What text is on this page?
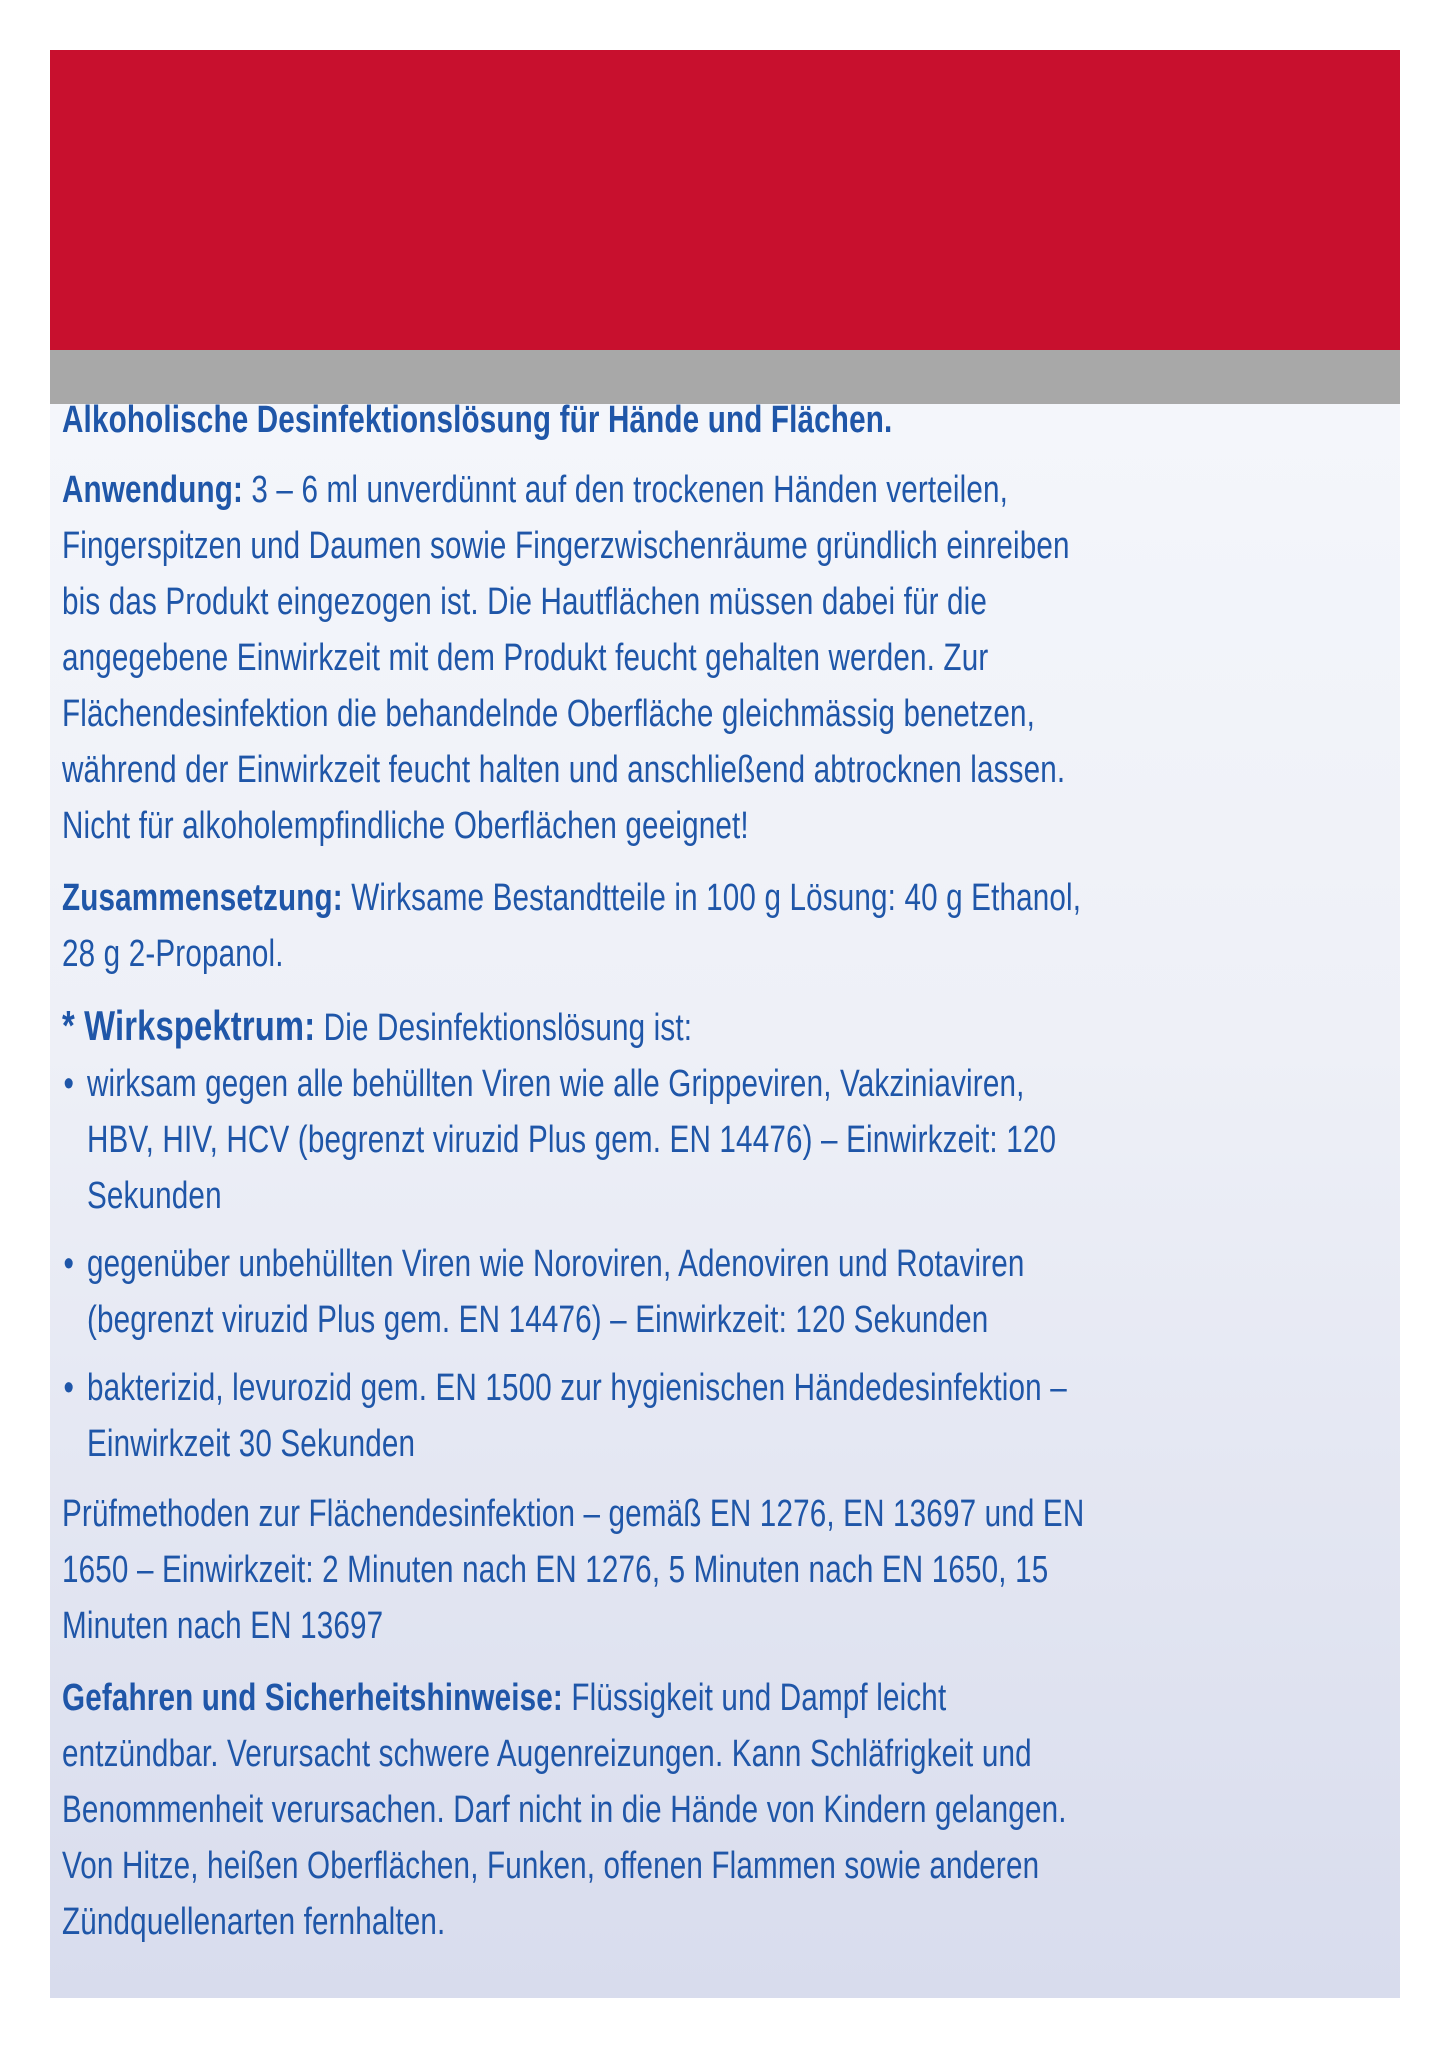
Alkoholische Desinfektionslösung für Hände und Flächen.

Anwendung: 3 – 6 ml unverdünnt auf den trockenen Händen verteilen, Fingerspitzen und Daumen sowie Fingerzwischenräume gründlich einreiben bis das Produkt eingezogen ist. Die Hautflächen müssen dabei für die angegebene Einwirkzeit mit dem Produkt feucht gehalten werden. Zur Flächendesinfektion die behandelnde Oberfläche gleichmässig benetzen, während der Einwirkzeit feucht halten und anschließend abtrocknen lassen. Nicht für alkoholempfindliche Oberflächen geeignet!

Zusammensetzung: Wirksame Bestandtteile in 100 g Lösung: 40 g Ethanol, 28 g 2-Propanol.

* Wirkspektrum: Die Desinfektionslösung ist:

• wirksam gegen alle behüllten Viren wie alle Grippeviren, Vakziniaviren, HBV, HIV, HCV (begrenzt viruzid Plus gem. EN 14476) – Einwirkzeit: 120 Sekunden
• gegenüber unbehüllten Viren wie Noroviren, Adenoviren und Rotaviren (begrenzt viruzid Plus gem. EN 14476) – Einwirkzeit: 120 Sekunden
• bakterizid, levurozid gem. EN 1500 zur hygienischen Händedesinfektion – Einwirkzeit 30 Sekunden

Prüfmethoden zur Flächendesinfektion – gemäß EN 1276, EN 13697 und EN 1650 – Einwirkzeit: 2 Minuten nach EN 1276, 5 Minuten nach EN 1650, 15 Minuten nach EN 13697

Gefahren und Sicherheitshinweise: Flüssigkeit und Dampf leicht entzündbar. Verursacht schwere Augenreizungen. Kann Schläfrigkeit und Benommenheit verursachen. Darf nicht in die Hände von Kindern gelangen. Von Hitze, heißen Oberflächen, Funken, offenen Flammen sowie anderen Zündquellenarten fernhalten.
